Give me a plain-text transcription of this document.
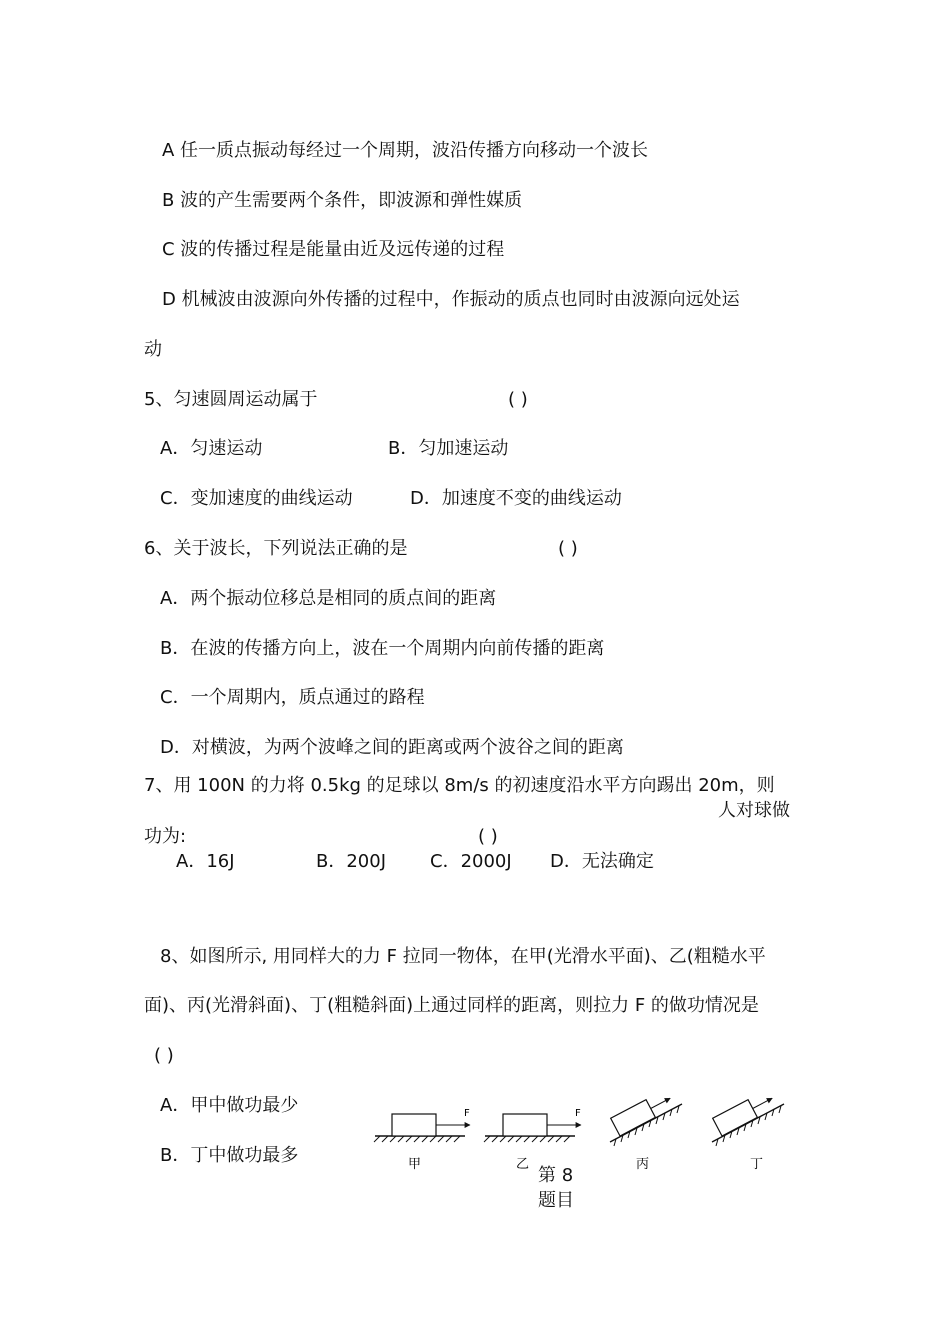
A 任一质点振动每经过一个周期，波沿传播方向移动一个波长
B 波的产生需要两个条件，即波源和弹性媒质
C 波的传播过程是能量由近及远传递的过程
D 机械波由波源向外传播的过程中，作振动的质点也同时由波源向远处运
动
5、匀速圆周运动属于	( )
A．匀速运动	B．匀加速运动
C．变加速度的曲线运动	D．加速度不变的曲线运动
6、关于波长，下列说法正确的是	( )
A．两个振动位移总是相同的质点间的距离
B．在波的传播方向上，波在一个周期内向前传播的距离
C．一个周期内，质点通过的路程
D．对横波，为两个波峰之间的距离或两个波谷之间的距离
7、用 100N 的力将 0.5kg 的足球以 8m/s 的初速度沿水平方向踢出 20m，则
人对球做
功为:	( )
A．16J	B．200J C．2000J D．无法确定
8、如图所示, 用同样大的力 F 拉同一物体，在甲(光滑水平面)、乙(粗糙水平
面)、丙(光滑斜面)、丁(粗糙斜面)上通过同样的距离，则拉力 F 的做功情况是
( )
A．甲中做功最少
B．丁中做功最多
F	F
甲	乙	丙	丁
第 8
题目
